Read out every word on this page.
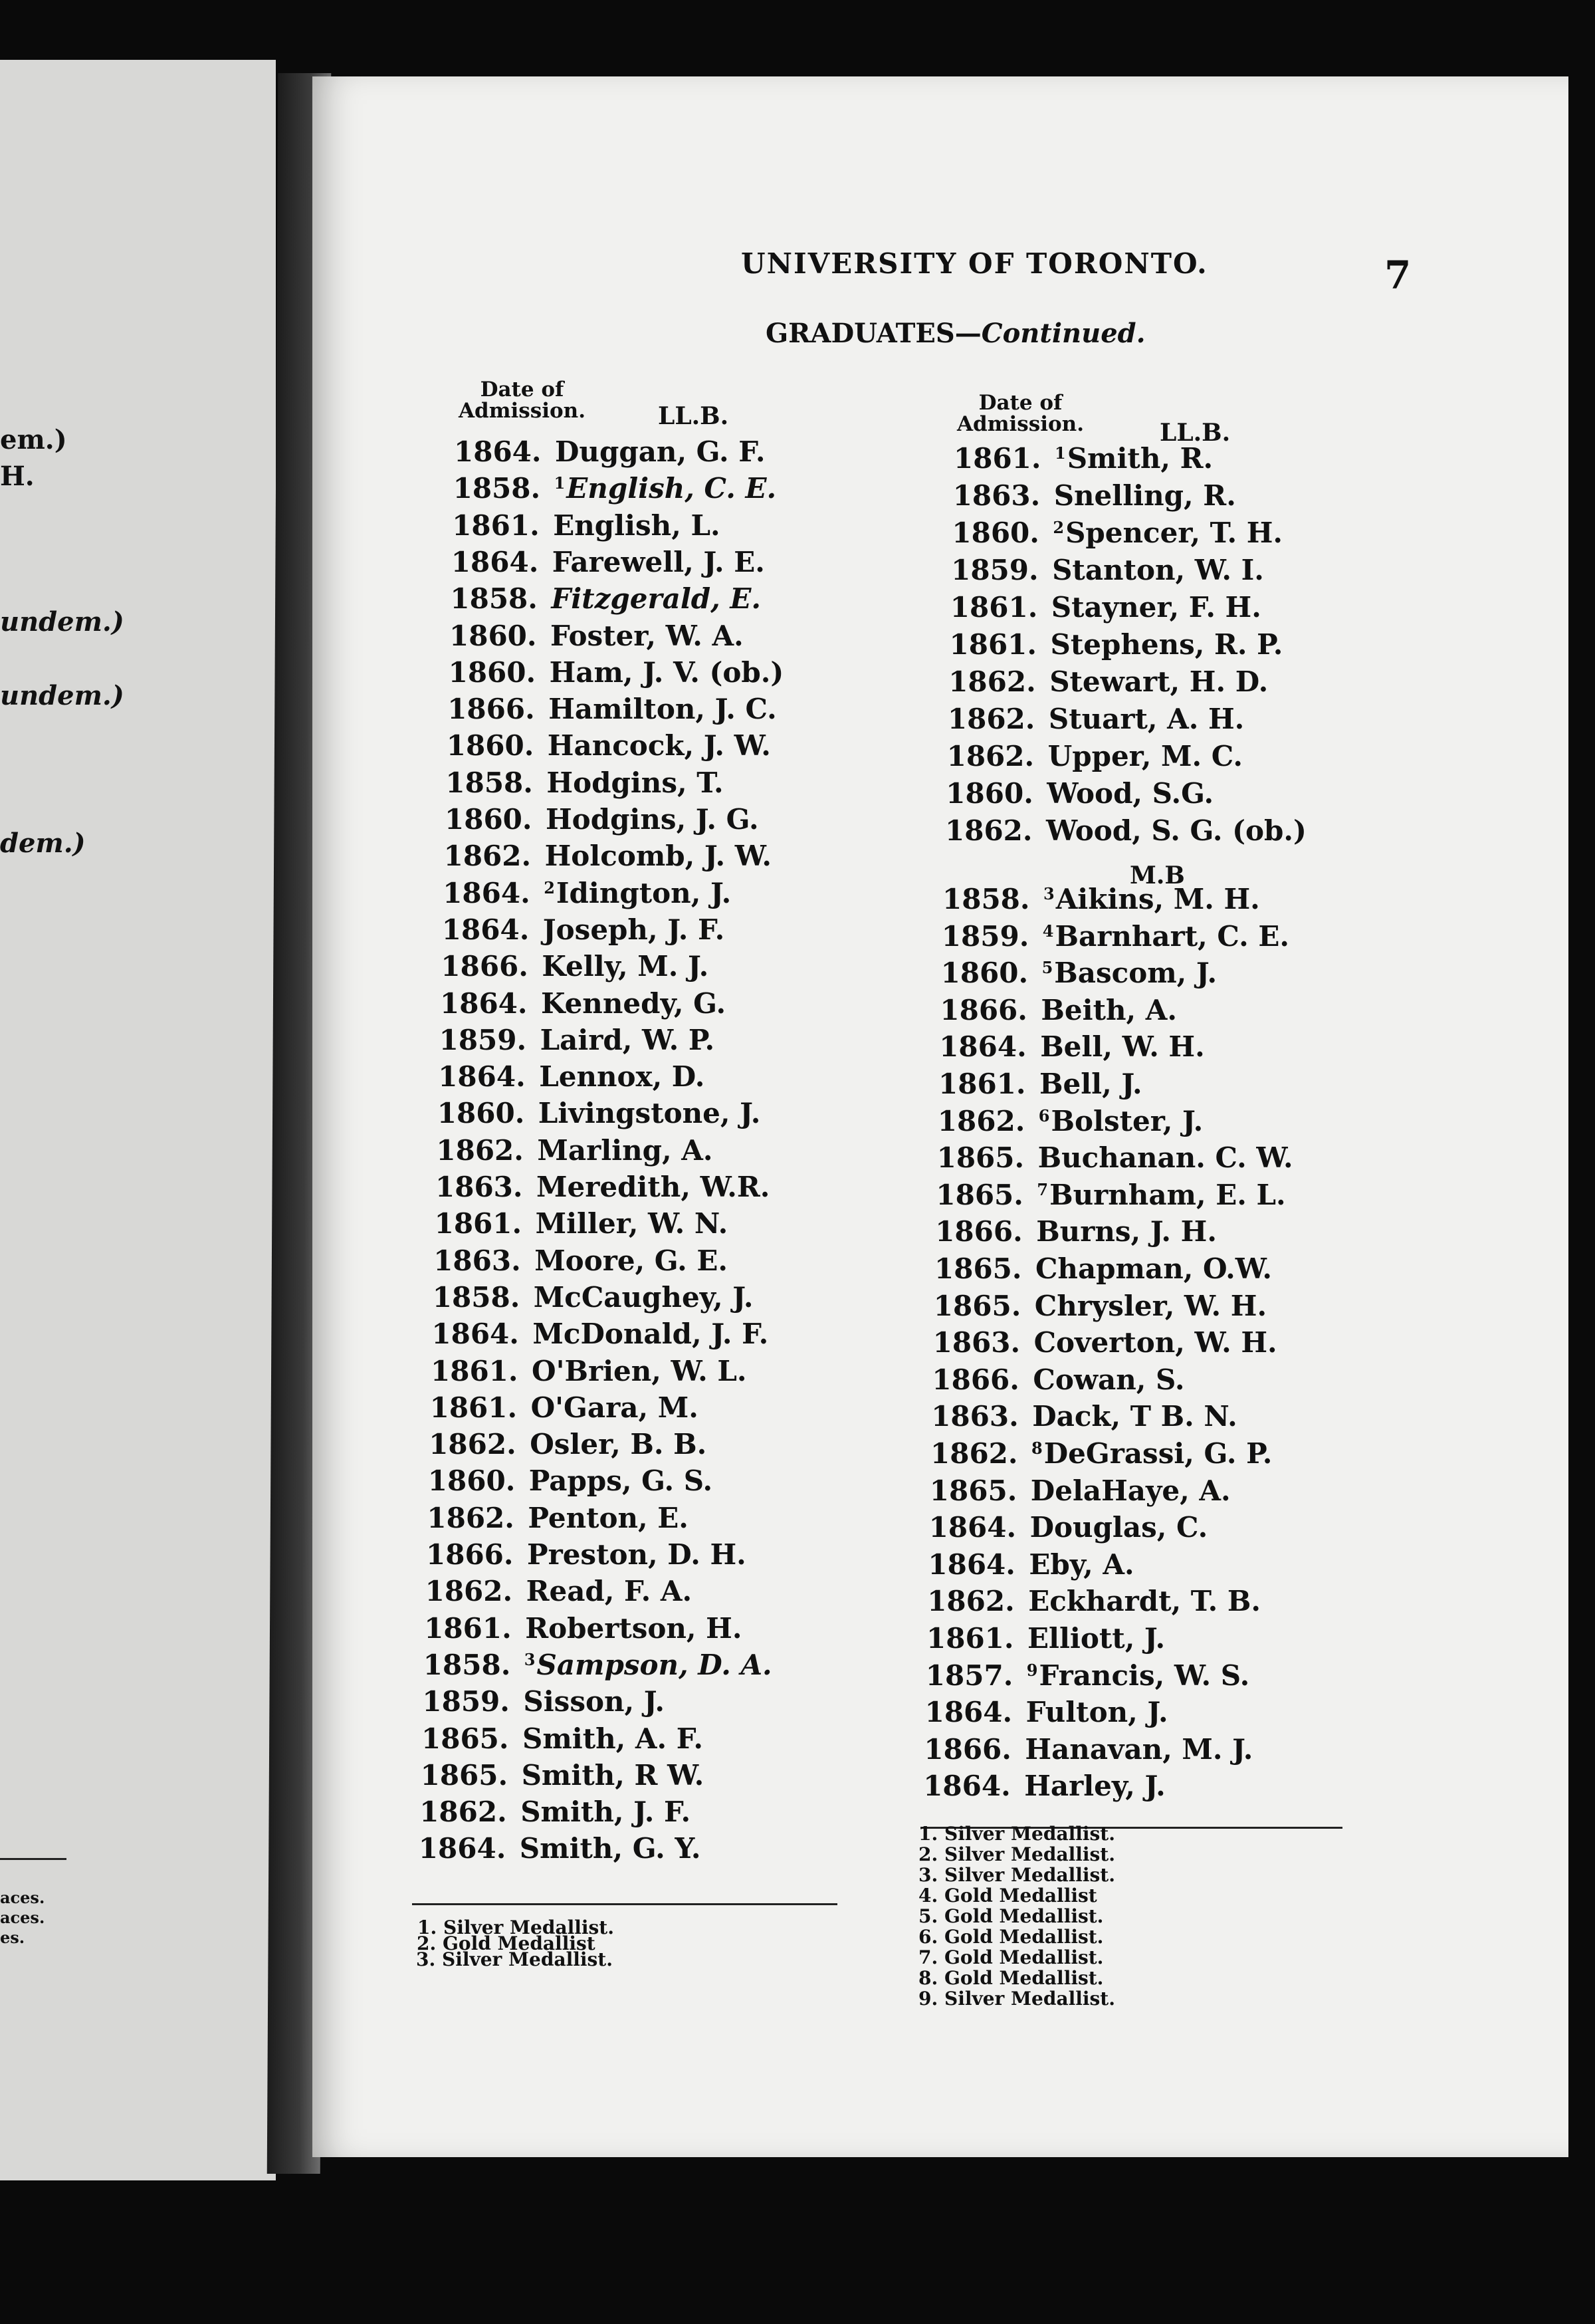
em.)
H.
undem.)
undem.)
dem.)
aces.
aces.
es.
UNIVERSITY OF TORONTO.	7
GRADUATES—Continued.
Date of
Admission.	LL.B.	Date of
Admission.	LL.B.
1864. Duggan, G. F.
1858. $^1$English, C. E.
1861. English, L.
1864. Farewell, J. E.
1858. Fitzgerald, E.
1860. Foster, W. A.
1860. Ham, J. V. (ob.)
1866. Hamilton, J. C.
1860. Hancock, J. W.
1858. Hodgins, T.
1860. Hodgins, J. G.
1862. Holcomb, J. W.
1864. $^2$Idington, J.
1864. Joseph, J. F.
1866. Kelly, M. J.
1864. Kennedy, G.
1859. Laird, W. P.
1864. Lennox, D.
1860. Livingstone, J.
1862. Marling, A.
1863. Meredith, W.R.
1861. Miller, W. N.
1863. Moore, G. E.
1858. McCaughey, J.
1864. McDonald, J. F.
1861. O'Brien, W. L.
1861. O'Gara, M.
1862. Osler, B. B.
1860. Papps, G. S.
1862. Penton, E.
1866. Preston, D. H.
1862. Read, F. A.
1861. Robertson, H.
1858. $^3$Sampson, D. A.
1859. Sisson, J.
1865. Smith, A. F.
1865. Smith, R W.
1862. Smith, J. F.
1864. Smith, G. Y.
1861. $^1$Smith, R.
1863. Snelling, R.
1860. $^2$Spencer, T. H.
1859. Stanton, W. I.
1861. Stayner, F. H.
1861. Stephens, R. P.
1862. Stewart, H. D.
1862. Stuart, A. H.
1862. Upper, M. C.
1860. Wood, S.G.
1862. Wood, S. G. (ob.)
1858. $^3$Aikins, M. H.
1859. $^4$Barnhart, C. E.
1860. $^5$Bascom, J.
1866. Beith, A.
1864. Bell, W. H.
1861. Bell, J.
1862. $^6$Bolster, J.
1865. Buchanan. C. W.
1865. $^7$Burnham, E. L.
1866. Burns, J. H.
1865. Chapman, O.W.
1865. Chrysler, W. H.
1863. Coverton, W. H.
1866. Cowan, S.
1863. Dack, T B. N.
1862. $^8$DeGrassi, G. P.
1865. DelaHaye, A.
1864. Douglas, C.
1864. Eby, A.
1862. Eckhardt, T. B.
1861. Elliott, J.
1857. $^9$Francis, W. S.
1864. Fulton, J.
1866. Hanavan, M. J.
1864. Harley, J.
M.B
1. Silver Medallist.
2. Gold Medallist
3. Silver Medallist.
1. Silver Medallist.
2. Silver Medallist.
3. Silver Medallist.
4. Gold Medallist
5. Gold Medallist.
6. Gold Medallist.
7. Gold Medallist.
8. Gold Medallist.
9. Silver Medallist.
